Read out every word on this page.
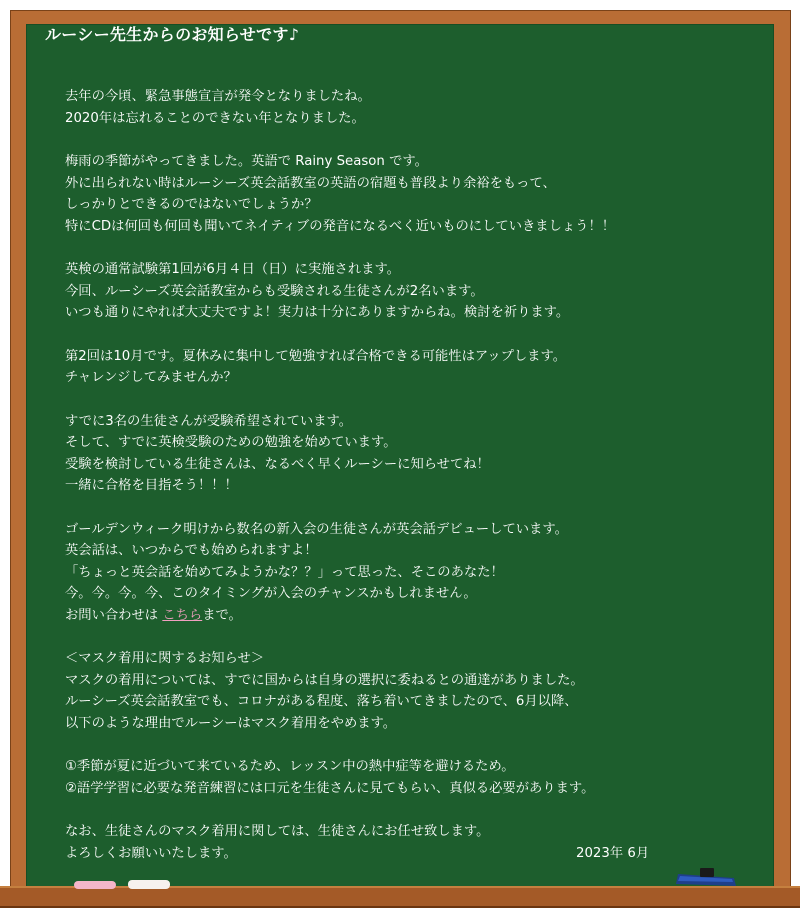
ルーシー先生からのお知らせです♪
去年の今頃、緊急事態宣言が発令となりましたね。
2020年は忘れることのできない年となりました。
梅雨の季節がやってきました。英語で Rainy Season です。
外に出られない時はルーシーズ英会話教室の英語の宿題も普段より余裕をもって、
しっかりとできるのではないでしょうか？
特にCDは何回も何回も聞いてネイティブの発音になるべく近いものにしていきましょう！！
英検の通常試験第1回が6月４日（日）に実施されます。
今回、ルーシーズ英会話教室からも受験される生徒さんが2名います。
いつも通りにやれば大丈夫ですよ！実力は十分にありますからね。検討を祈ります。
第2回は10月です。夏休みに集中して勉強すれば合格できる可能性はアップします。
チャレンジしてみませんか？
すでに3名の生徒さんが受験希望されています。
そして、すでに英検受験のための勉強を始めています。
受験を検討している生徒さんは、なるべく早くルーシーに知らせてね！
一緒に合格を目指そう！！！
ゴールデンウィーク明けから数名の新入会の生徒さんが英会話デビューしています。
英会話は、いつからでも始められますよ！
「ちょっと英会話を始めてみようかな？？」って思った、そこのあなた！
今。今。今。今、このタイミングが入会のチャンスかもしれません。
お問い合わせは こちらまで。
＜マスク着用に関するお知らせ＞
マスクの着用については、すでに国からは自身の選択に委ねるとの通達がありました。
ルーシーズ英会話教室でも、コロナがある程度、落ち着いてきましたので、6月以降、
以下のような理由でルーシーはマスク着用をやめます。
①季節が夏に近づいて来ているため、レッスン中の熱中症等を避けるため。
②語学学習に必要な発音練習には口元を生徒さんに見てもらい、真似る必要があります。
なお、生徒さんのマスク着用に関しては、生徒さんにお任せ致します。
よろしくお願いいたします。	2023年 6月
